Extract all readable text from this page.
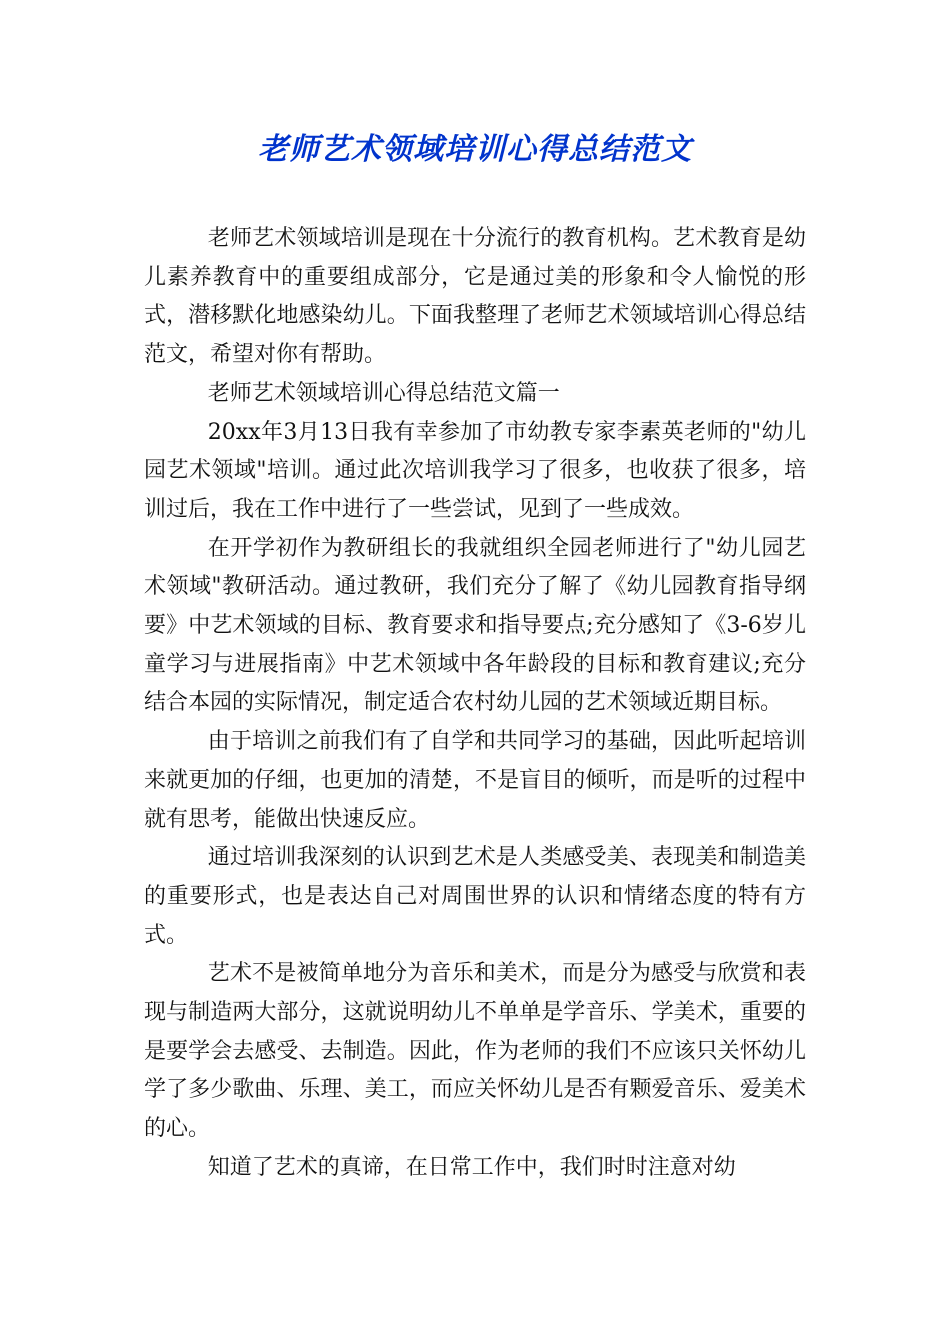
老师艺术领域培训心得总结范文

老师艺术领域培训是现在十分流行的教育机构。艺术教育是幼儿素养教育中的重要组成部分，它是通过美的形象和令人愉悦的形式，潜移默化地感染幼儿。下面我整理了老师艺术领域培训心得总结范文，希望对你有帮助。

老师艺术领域培训心得总结范文篇一

20xx年3月13日我有幸参加了市幼教专家李素英老师的"幼儿园艺术领域"培训。通过此次培训我学习了很多，也收获了很多，培训过后，我在工作中进行了一些尝试，见到了一些成效。

在开学初作为教研组长的我就组织全园老师进行了"幼儿园艺术领域"教研活动。通过教研，我们充分了解了《幼儿园教育指导纲要》中艺术领域的目标、教育要求和指导要点;充分感知了《3-6岁儿童学习与进展指南》中艺术领域中各年龄段的目标和教育建议;充分结合本园的实际情况，制定适合农村幼儿园的艺术领域近期目标。

由于培训之前我们有了自学和共同学习的基础，因此听起培训来就更加的仔细，也更加的清楚，不是盲目的倾听，而是听的过程中就有思考，能做出快速反应。

通过培训我深刻的认识到艺术是人类感受美、表现美和制造美的重要形式，也是表达自己对周围世界的认识和情绪态度的特有方式。

艺术不是被简单地分为音乐和美术，而是分为感受与欣赏和表现与制造两大部分，这就说明幼儿不单单是学音乐、学美术，重要的是要学会去感受、去制造。因此，作为老师的我们不应该只关怀幼儿学了多少歌曲、乐理、美工，而应关怀幼儿是否有颗爱音乐、爱美术的心。

知道了艺术的真谛，在日常工作中，我们时时注意对幼
